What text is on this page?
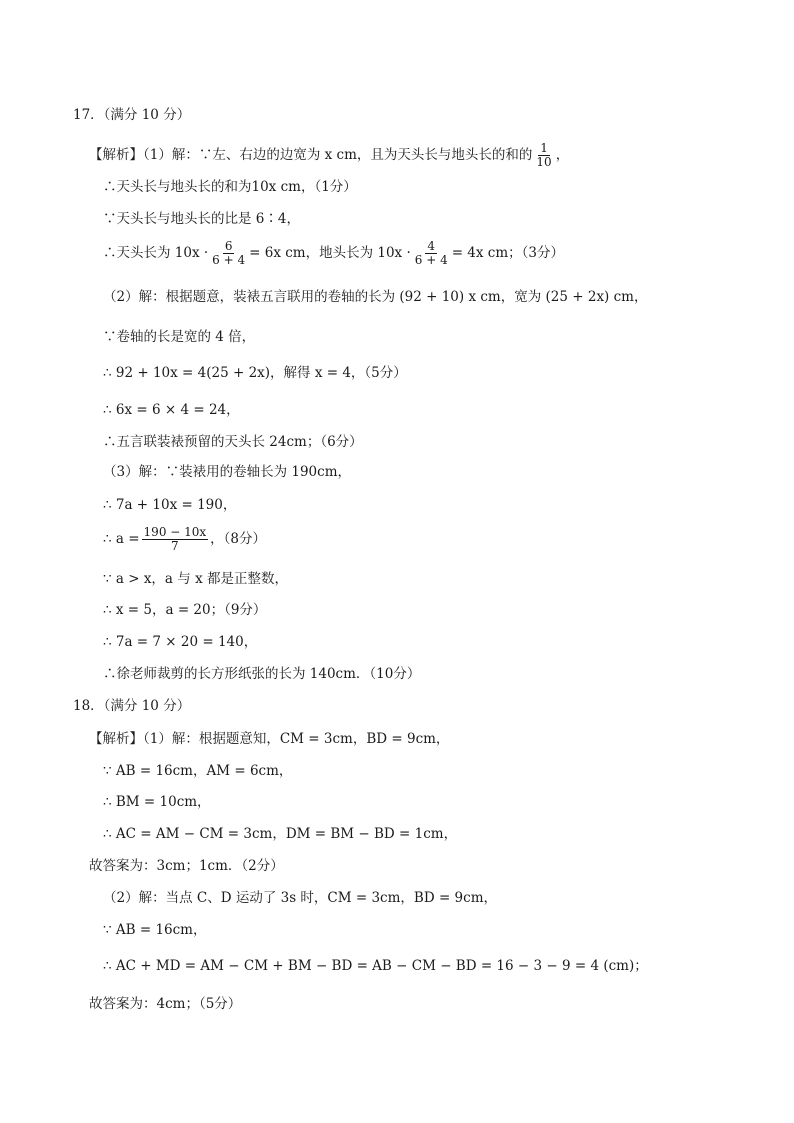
17．（满分 10 分）
【解析】（1）解：∵左、右边的边宽为 x cm，且为天头长与地头长的和的 $\frac{1}{10}$ ，
∴天头长与地头长的和为10x cm，（1分）
∵天头长与地头长的比是 6∶4，
∴天头长为 $10x \cdot \frac{6}{6 + 4} = 6x$ cm，地头长为 $10x \cdot \frac{4}{6 + 4} = 4x$ cm；（3分）
（2）解：根据题意，装裱五言联用的卷轴的长为 (92 + 10) x cm，宽为 (25 + 2x) cm，
∵卷轴的长是宽的 4 倍，
∴ 92 + 10x = 4(25 + 2x)，解得 x = 4，（5分）
∴ 6x = 6 × 4 = 24，
∴五言联装裱预留的天头长 24cm；（6分）
（3）解：∵装裱用的卷轴长为 190cm，
∴ 7a + 10x = 190，
∴ $a = \frac{190 - 10x}{7}$ ，（8分）
∵ a > x，a 与 x 都是正整数，
∴ x = 5，a = 20；（9分）
∴ 7a = 7 × 20 = 140，
∴徐老师裁剪的长方形纸张的长为 140cm．（10分）
18．（满分 10 分）
【解析】（1）解：根据题意知，CM = 3cm，BD = 9cm，
∵ AB = 16cm，AM = 6cm，
∴ BM = 10cm，
∴ AC = AM − CM = 3cm，DM = BM − BD = 1cm，
故答案为：3cm；1cm．（2分）
（2）解：当点 C、D 运动了 3s 时，CM = 3cm，BD = 9cm，
∵ AB = 16cm，
∴ AC + MD = AM − CM + BM − BD = AB − CM − BD = 16 − 3 − 9 = 4 (cm)；
故答案为：4cm；（5分）
